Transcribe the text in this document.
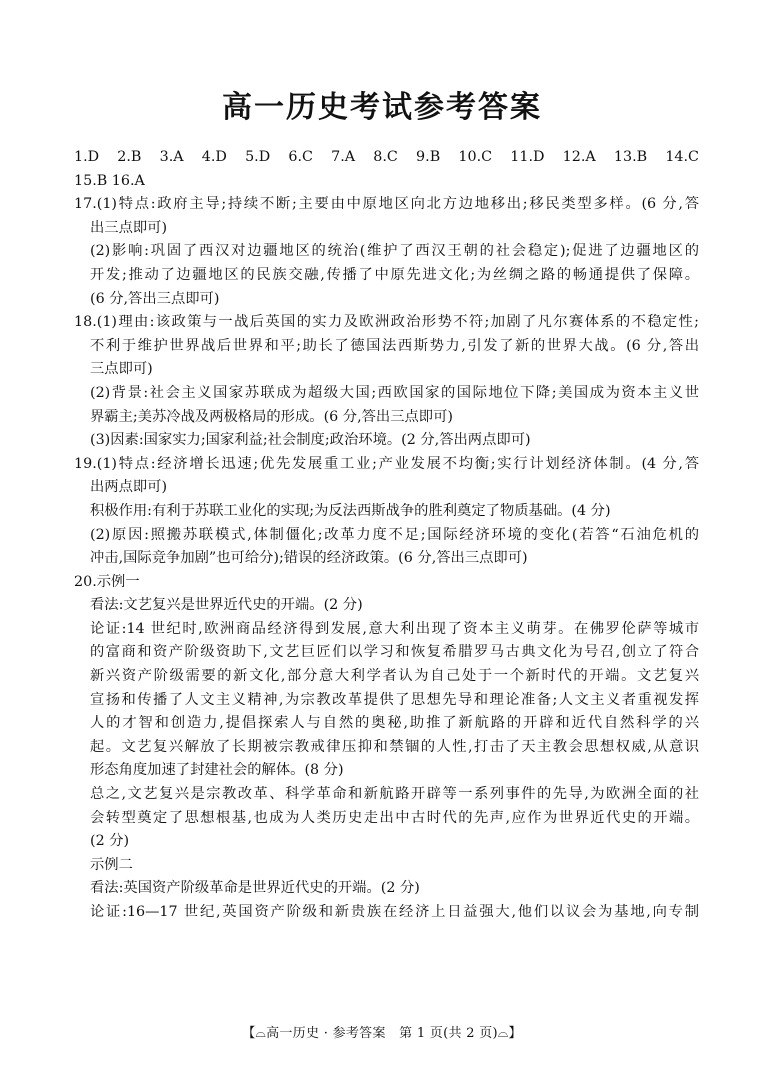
高一历史考试参考答案
1.D 2.B 3.A 4.D 5.D 6.C 7.A 8.C 9.B 10.C 11.D 12.A 13.B 14.C
15.B 16.A
17.(1)特点:政府主导;持续不断;主要由中原地区向北方边地移出;移民类型多样。(6 分,答
出三点即可)
(2)影响:巩固了西汉对边疆地区的统治(维护了西汉王朝的社会稳定);促进了边疆地区的
开发;推动了边疆地区的民族交融,传播了中原先进文化;为丝绸之路的畅通提供了保障。
(6 分,答出三点即可)
18.(1)理由:该政策与一战后英国的实力及欧洲政治形势不符;加剧了凡尔赛体系的不稳定性;
不利于维护世界战后世界和平;助长了德国法西斯势力,引发了新的世界大战。(6 分,答出
三点即可)
(2)背景:社会主义国家苏联成为超级大国;西欧国家的国际地位下降;美国成为资本主义世
界霸主;美苏冷战及两极格局的形成。(6 分,答出三点即可)
(3)因素:国家实力;国家利益;社会制度;政治环境。(2 分,答出两点即可)
19.(1)特点:经济增长迅速;优先发展重工业;产业发展不均衡;实行计划经济体制。(4 分,答
出两点即可)
积极作用:有利于苏联工业化的实现;为反法西斯战争的胜利奠定了物质基础。(4 分)
(2)原因:照搬苏联模式,体制僵化;改革力度不足;国际经济环境的变化(若答“石油危机的
冲击,国际竞争加剧”也可给分);错误的经济政策。(6 分,答出三点即可)
20.示例一
看法:文艺复兴是世界近代史的开端。(2 分)
论证:14 世纪时,欧洲商品经济得到发展,意大利出现了资本主义萌芽。在佛罗伦萨等城市
的富商和资产阶级资助下,文艺巨匠们以学习和恢复希腊罗马古典文化为号召,创立了符合
新兴资产阶级需要的新文化,部分意大利学者认为自己处于一个新时代的开端。文艺复兴
宣扬和传播了人文主义精神,为宗教改革提供了思想先导和理论准备;人文主义者重视发挥
人的才智和创造力,提倡探索人与自然的奥秘,助推了新航路的开辟和近代自然科学的兴
起。文艺复兴解放了长期被宗教戒律压抑和禁锢的人性,打击了天主教会思想权威,从意识
形态角度加速了封建社会的解体。(8 分)
总之,文艺复兴是宗教改革、科学革命和新航路开辟等一系列事件的先导,为欧洲全面的社
会转型奠定了思想根基,也成为人类历史走出中古时代的先声,应作为世界近代史的开端。
(2 分)
示例二
看法:英国资产阶级革命是世界近代史的开端。(2 分)
论证:16—17 世纪,英国资产阶级和新贵族在经济上日益强大,他们以议会为基地,向专制
【⌓高一历史 · 参考答案　第 1 页(共 2 页)⌓】
